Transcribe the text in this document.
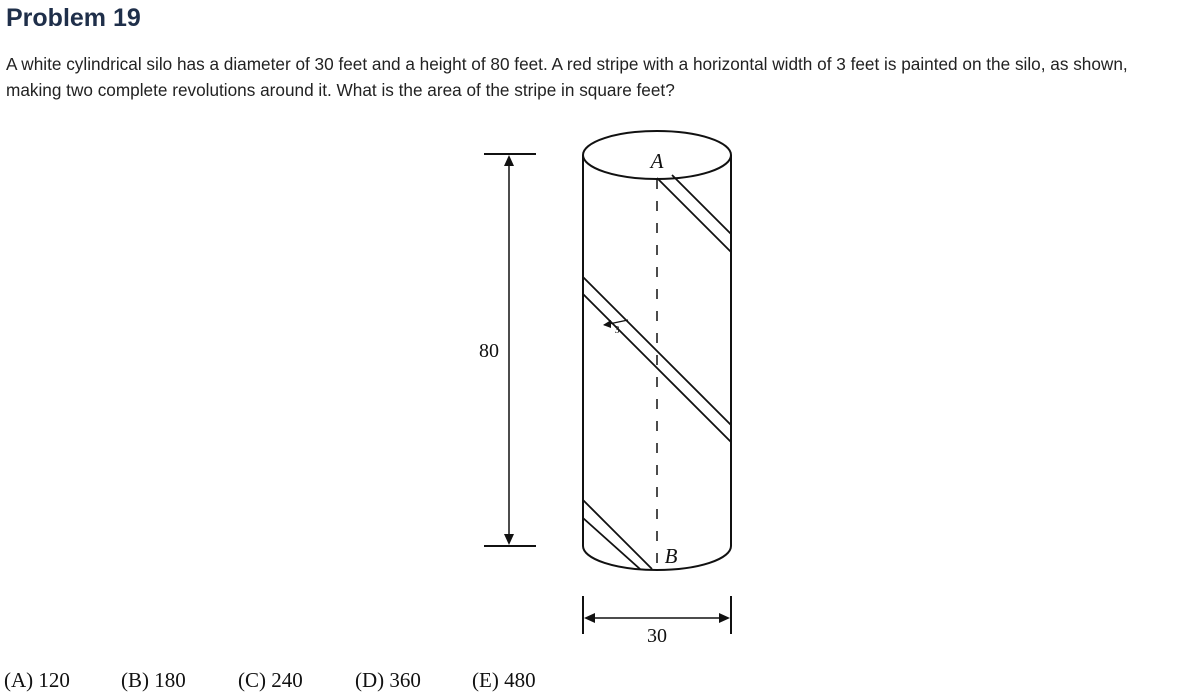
Problem 19

A white cylindrical silo has a diameter of 30 feet and a height of 80 feet. A red stripe with a horizontal width of 3 feet is painted on the silo, as shown, making two complete revolutions around it. What is the area of the stripe in square feet?

80
3
A
B
30
(A) 120 (B) 180 (C) 240 (D) 360 (E) 480
